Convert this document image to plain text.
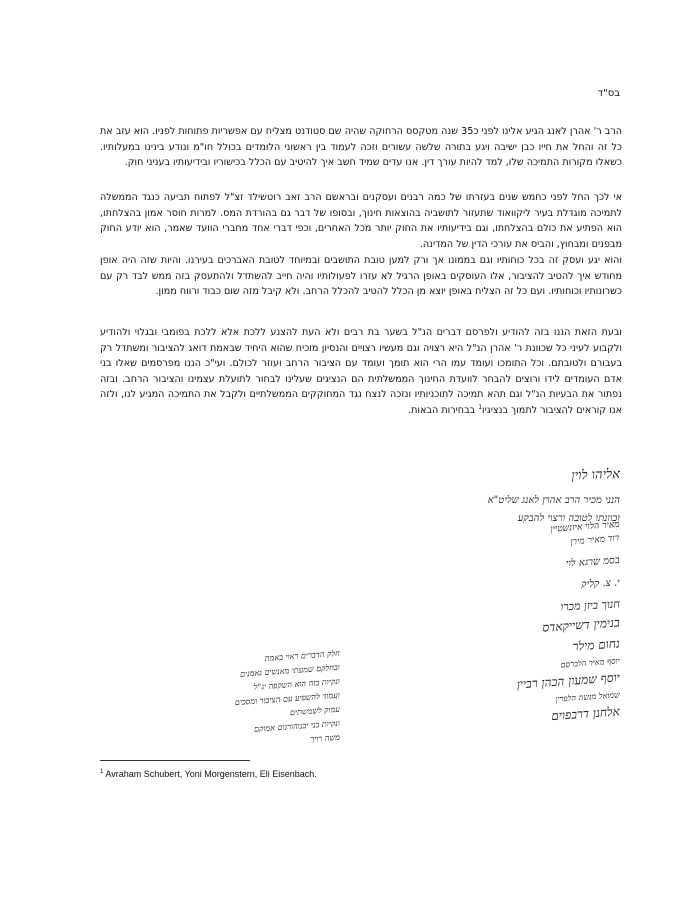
בס"ד

הרב ר' אהרן לאנג הגיע אלינו לפני כ35 שנה מטקסס הרחוקה שהיה שם סטודנט מצליח עם אפשריות פתוחות לפניו. הוא עזב את כל זה והחל את חייו כבן ישיבה ויגע בתורה שלשה עשורים וזכה לעמוד בין ראשוני הלומדים בכולל חו"מ ונודע בינינו במעלותיו. כשאלו מקורות התמיכה שלו, למד להיות עורך דין. אנו עדים שמיד חשב איך להיטיב עם הכלל בכישוריו ובידיעותיו בעניני חוק.

אי לכך החל לפני כחמש שנים בעזרתו של כמה רבנים ועסקנים ובראשם הרב זאב רוטשילד זצ"ל לפתוח תביעה כנגד הממשלה לתמיכה מוגדלת בעיר ליקוואוד שתעזור לתושביה בהוצאות חינוך, ובסופו של דבר גם בהורדת המס. למרות חוסר אמון בהצלחתו, הוא הפתיע את כולם בהצלחתו, וגם בידיעותיו את החוק יותר מכל האחרים, וכפי דברי אחד מחברי הוועד שאמר, הוא יודע החוק מבפנים ומבחוץ, והביס את עורכי הדין של המדינה.

והוא יגע ועסק זה בכל כוחותיו וגם בממונו אך ורק למען טובת התושבים ובמיוחד לטובת האברכים בעירנו. והיות שזה היה אופן מחודש איך להטיב להציבור, אלו העוסקים באופן הרגיל לא עזרו לפעולותיו והיה חייב להשתדל ולהתעסק בזה ממש לבד רק עם כשרונותיו וכוחותיו. ועם כל זה הצליח באופן יוצא מן הכלל להטיב להכלל הרחב. ולא קיבל מזה שום כבוד ורווח ממון.

ובעת הזאת הננו בזה להודיע ולפרסם דברים הנ"ל בשער בת רבים ולא העת להצנע ללכת אלא ללכת בפומבי ובגלוי ולהודיע ולקבוע לעיני כל שכוונת ר' אהרן הנ"ל היא רצויה וגם מעשיו רצויים והנסיון מוכיח שהוא היחיד שבאמת דואג להציבור ומשתדל רק בעבורם ולטובתם. וכל התומכו ועומד עמו הרי הוא תומך ועומד עם הציבור הרחב ועוזר לכולם. ועי"כ הננו מפרסמים שאלו בני אדם העומדים לידו ורוצים להבחר לוועדת החינוך הממשלתית הם הנציגים שעלינו לבחור לתועלת עצמינו והציבור הרחב. ובזה נפתור את הבעיות הנ"ל וגם תהא תמיכה לתוכניותיו ונזכה לנצח נגד המחוקקים הממשלתיים ולקבל את התמיכה המגיע לנו, ולזה אנו קוראים להציבור לתמוך בנציגיו$^1$ בבחירות הבאות.

אליהו לוין
הנני מכיר הרב אהרן לאנג שליט"א
וכוונתו לטובה ורצוי להבקע
מאיר הלוי איזנשטיין
דוד מאיר מירן
בסמ שרגא לוי
י. צ. קליק
חנוך ביזן מכרו
בנימין דשייקאדס
נחום מילר
יוסף מאיר הלברסם
יוסף שמעון הכהן רביין
שמואל מנשה הלפרין
אלחנן דרבפוים
חלק הדברים ראוי באמת
ובחלקם שמעתי מאנשים נאמנים
ונקיות בזה הוא השקפה יג"ל
ועמוד להשפיע עם הציבור ומסכים
עמוק לשמשתים
ונקיות בני יבנוהורנום אמוקם
משה רויך
$^1$ Avraham Schubert, Yoni Morgenstern, Eli Eisenbach.
